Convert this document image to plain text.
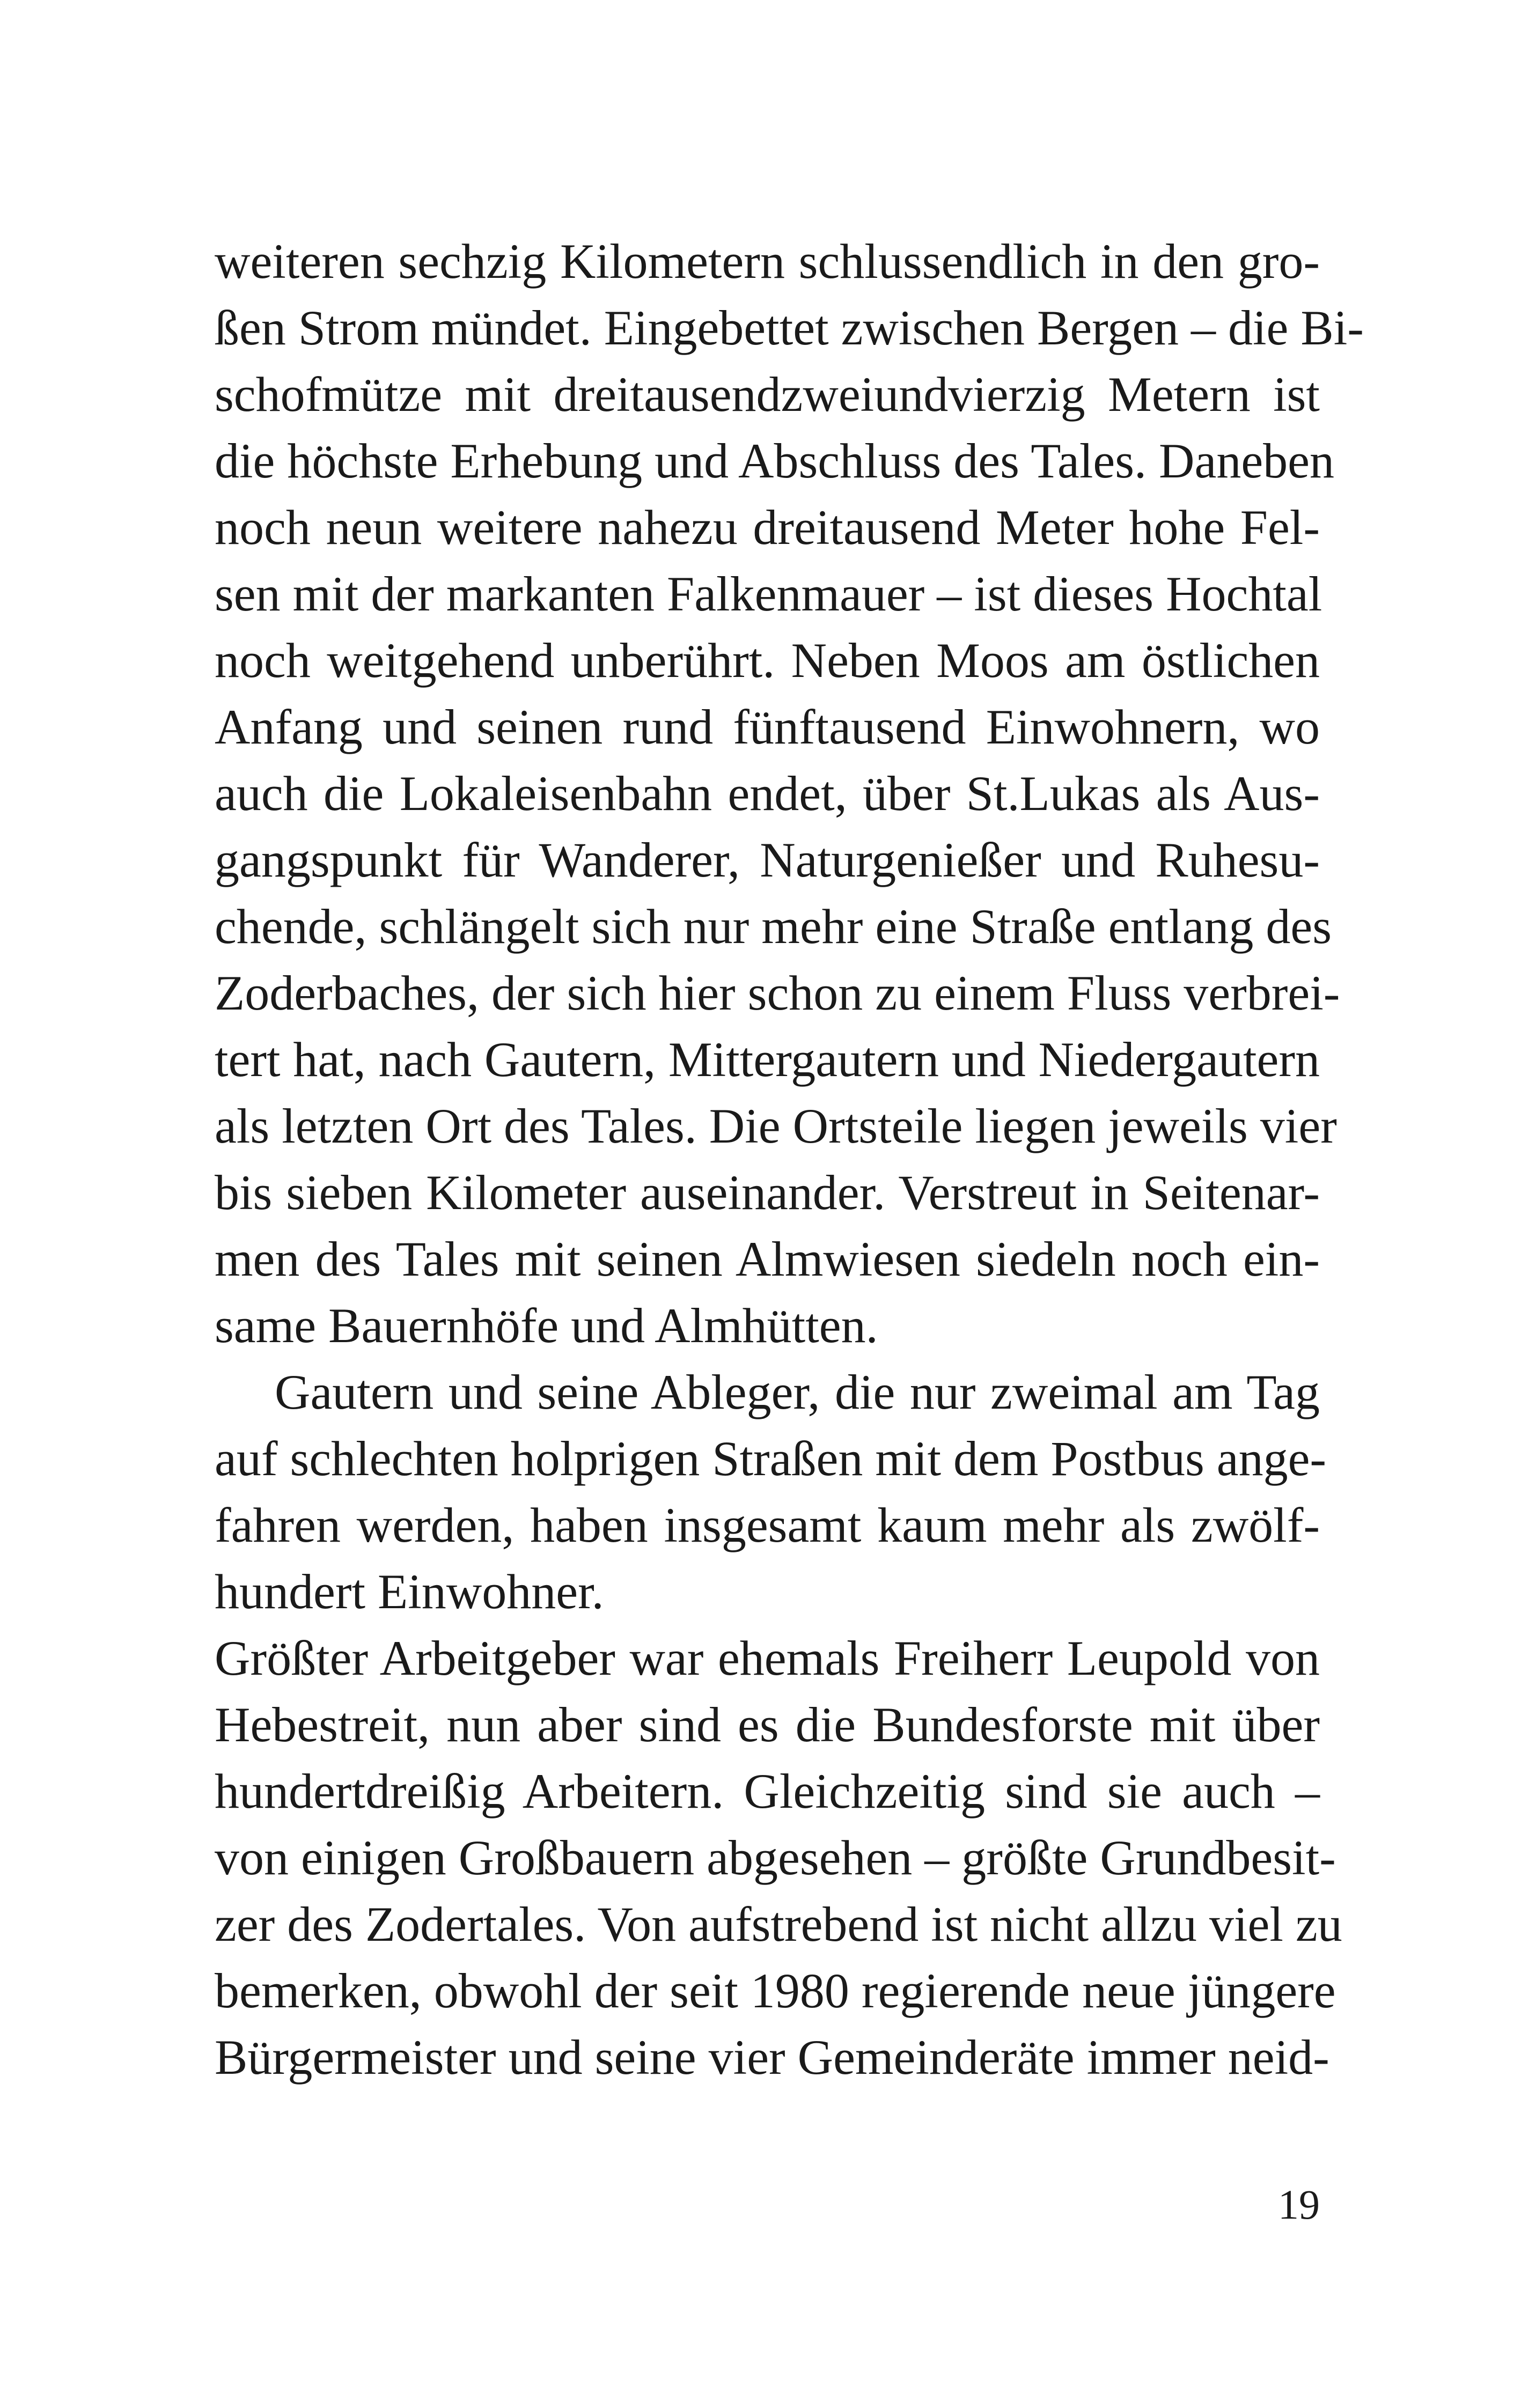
weiteren sechzig Kilometern schlussendlich in den gro-
ßen Strom mündet. Eingebettet zwischen Bergen – die Bi-
schofmütze mit dreitausendzweiundvierzig Metern ist
die höchste Erhebung und Abschluss des Tales. Daneben
noch neun weitere nahezu dreitausend Meter hohe Fel-
sen mit der markanten Falkenmauer – ist dieses Hochtal
noch weitgehend unberührt. Neben Moos am östlichen
Anfang und seinen rund fünftausend Einwohnern, wo
auch die Lokaleisenbahn endet, über St.Lukas als Aus-
gangspunkt für Wanderer, Naturgenießer und Ruhesu-
chende, schlängelt sich nur mehr eine Straße entlang des
Zoderbaches, der sich hier schon zu einem Fluss verbrei-
tert hat, nach Gautern, Mittergautern und Niedergautern
als letzten Ort des Tales. Die Ortsteile liegen jeweils vier
bis sieben Kilometer auseinander. Verstreut in Seitenar-
men des Tales mit seinen Almwiesen siedeln noch ein-
same Bauernhöfe und Almhütten.
Gautern und seine Ableger, die nur zweimal am Tag
auf schlechten holprigen Straßen mit dem Postbus ange-
fahren werden, haben insgesamt kaum mehr als zwölf-
hundert Einwohner.
Größter Arbeitgeber war ehemals Freiherr Leupold von
Hebestreit, nun aber sind es die Bundesforste mit über
hundertdreißig Arbeitern. Gleichzeitig sind sie auch –
von einigen Großbauern abgesehen – größte Grundbesit-
zer des Zodertales. Von aufstrebend ist nicht allzu viel zu
bemerken, obwohl der seit 1980 regierende neue jüngere
Bürgermeister und seine vier Gemeinderäte immer neid-
19
